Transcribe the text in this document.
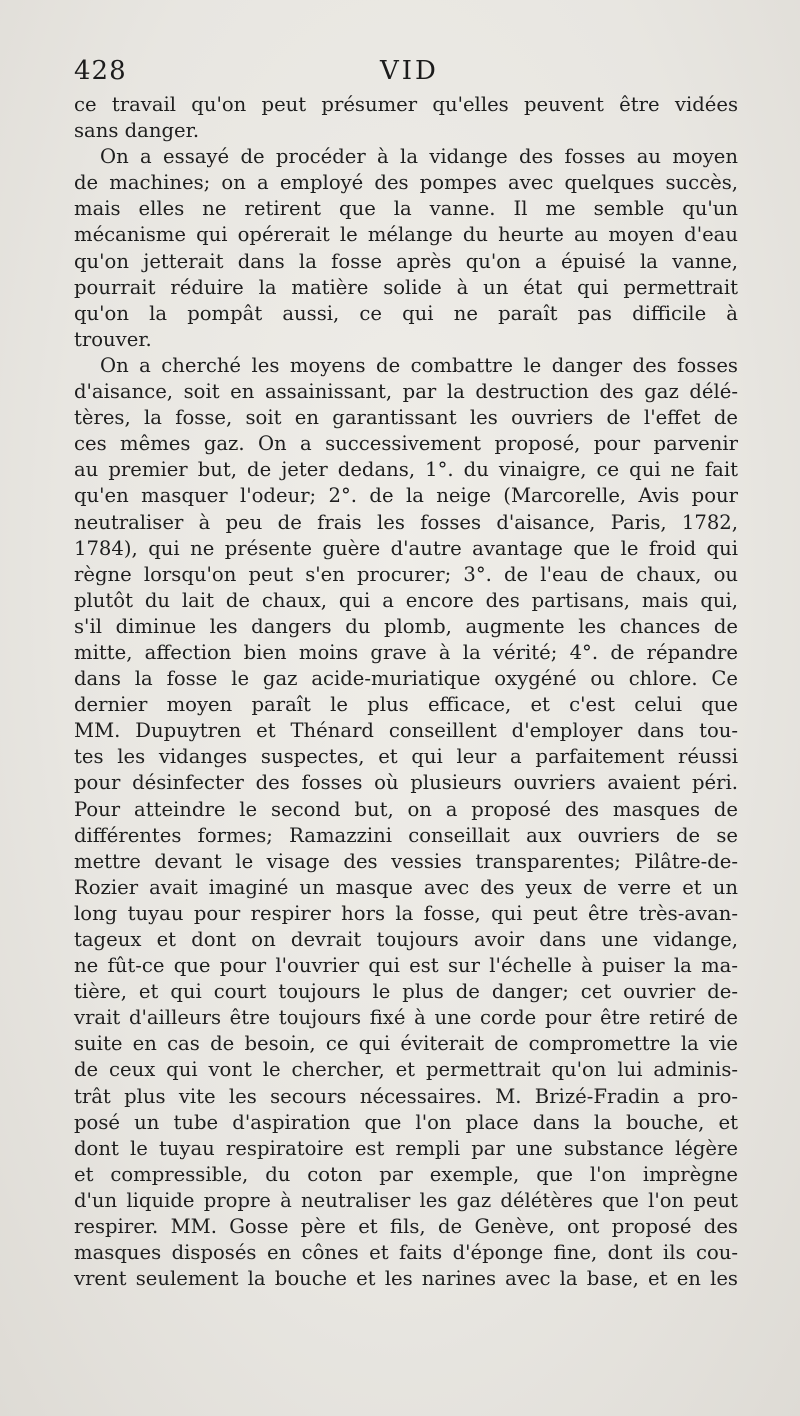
428	VID
ce travail qu'on peut présumer qu'elles peuvent être vidées
sans danger.
On a essayé de procéder à la vidange des fosses au moyen
de machines; on a employé des pompes avec quelques succès,
mais elles ne retirent que la vanne. Il me semble qu'un
mécanisme qui opérerait le mélange du heurte au moyen d'eau
qu'on jetterait dans la fosse après qu'on a épuisé la vanne,
pourrait réduire la matière solide à un état qui permettrait
qu'on la pompât aussi, ce qui ne paraît pas difficile à
trouver.
On a cherché les moyens de combattre le danger des fosses
d'aisance, soit en assainissant, par la destruction des gaz délé-
tères, la fosse, soit en garantissant les ouvriers de l'effet de
ces mêmes gaz. On a successivement proposé, pour parvenir
au premier but, de jeter dedans, 1°. du vinaigre, ce qui ne fait
qu'en masquer l'odeur; 2°. de la neige (Marcorelle, Avis pour
neutraliser à peu de frais les fosses d'aisance, Paris, 1782,
1784), qui ne présente guère d'autre avantage que le froid qui
règne lorsqu'on peut s'en procurer; 3°. de l'eau de chaux, ou
plutôt du lait de chaux, qui a encore des partisans, mais qui,
s'il diminue les dangers du plomb, augmente les chances de
mitte, affection bien moins grave à la vérité; 4°. de répandre
dans la fosse le gaz acide-muriatique oxygéné ou chlore. Ce
dernier moyen paraît le plus efficace, et c'est celui que
MM. Dupuytren et Thénard conseillent d'employer dans tou-
tes les vidanges suspectes, et qui leur a parfaitement réussi
pour désinfecter des fosses où plusieurs ouvriers avaient péri.
Pour atteindre le second but, on a proposé des masques de
différentes formes; Ramazzini conseillait aux ouvriers de se
mettre devant le visage des vessies transparentes; Pilâtre-de-
Rozier avait imaginé un masque avec des yeux de verre et un
long tuyau pour respirer hors la fosse, qui peut être très-avan-
tageux et dont on devrait toujours avoir dans une vidange,
ne fût-ce que pour l'ouvrier qui est sur l'échelle à puiser la ma-
tière, et qui court toujours le plus de danger; cet ouvrier de-
vrait d'ailleurs être toujours fixé à une corde pour être retiré de
suite en cas de besoin, ce qui éviterait de compromettre la vie
de ceux qui vont le chercher, et permettrait qu'on lui adminis-
trât plus vite les secours nécessaires. M. Brizé-Fradin a pro-
posé un tube d'aspiration que l'on place dans la bouche, et
dont le tuyau respiratoire est rempli par une substance légère
et compressible, du coton par exemple, que l'on imprègne
d'un liquide propre à neutraliser les gaz délétères que l'on peut
respirer. MM. Gosse père et fils, de Genève, ont proposé des
masques disposés en cônes et faits d'éponge fine, dont ils cou-
vrent seulement la bouche et les narines avec la base, et en les
